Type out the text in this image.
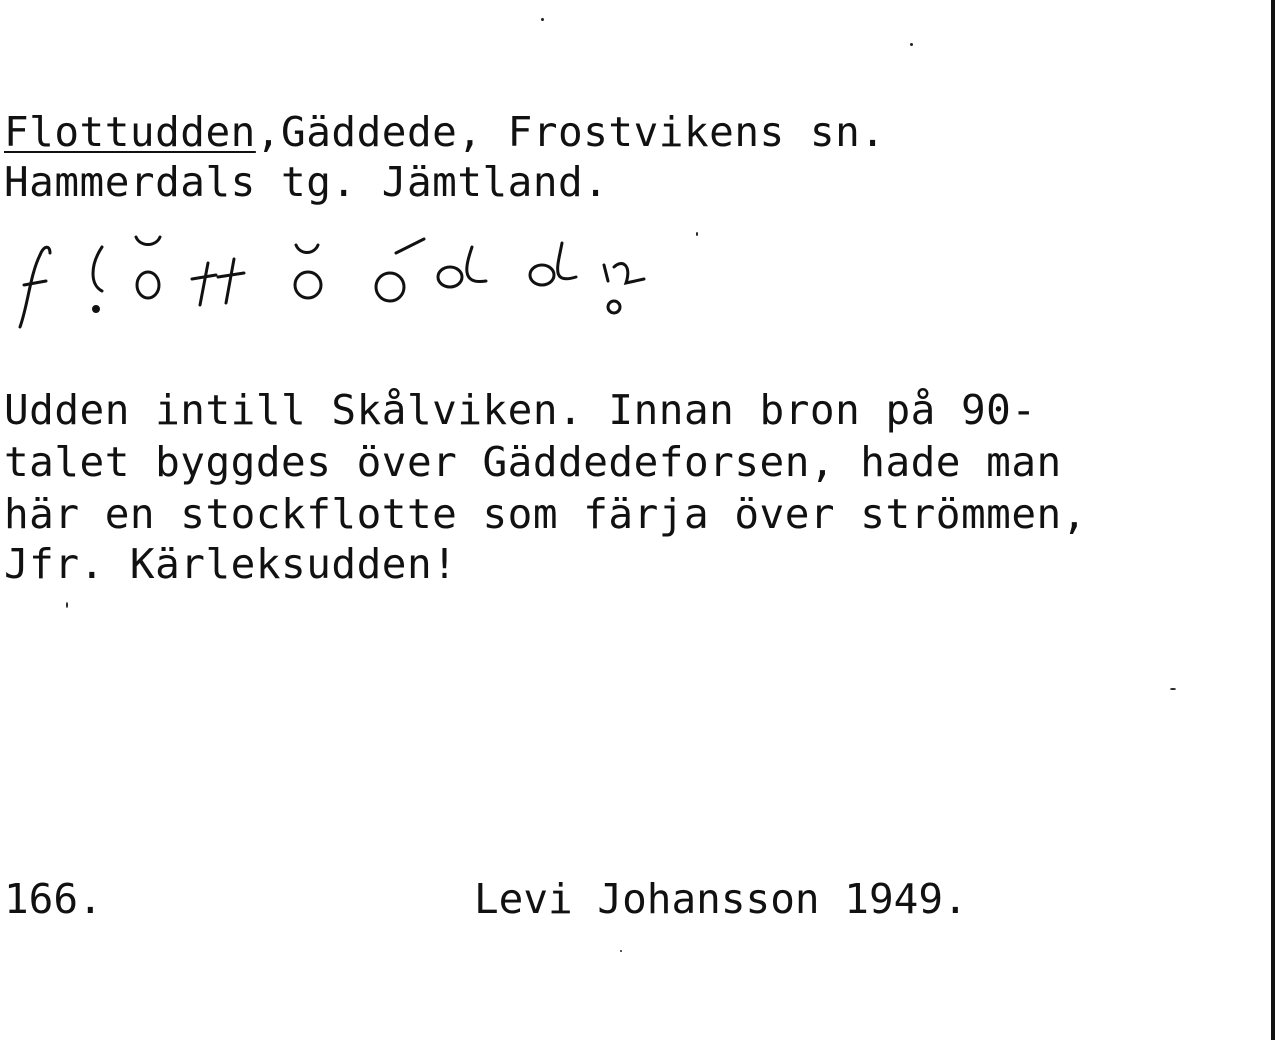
Flottudden,Gäddede, Frostvikens sn.
Hammerdals tg. Jämtland.
Udden intill Skålviken. Innan bron på 90-
talet byggdes över Gäddedeforsen, hade man
här en stockflotte som färja över strömmen,
Jfr. Kärleksudden!
166.	Levi Johansson 1949.
